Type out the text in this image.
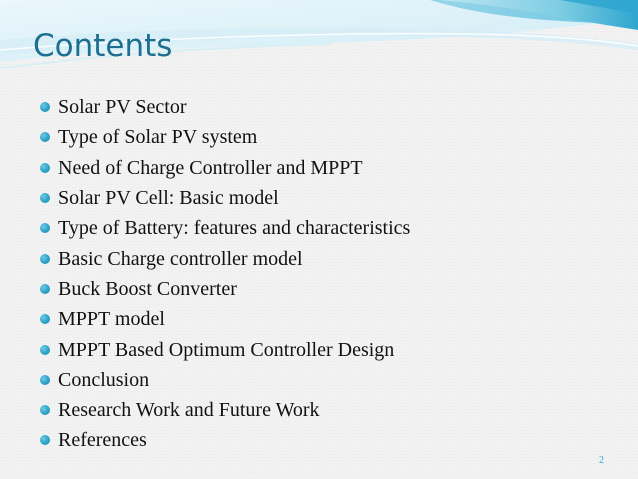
Contents
Solar PV Sector
Type of Solar PV system
Need of Charge Controller and MPPT
Solar PV Cell: Basic model
Type of Battery: features and characteristics
Basic Charge controller model
Buck Boost Converter
MPPT model
MPPT Based Optimum Controller Design
Conclusion
Research Work and Future Work
References
2
